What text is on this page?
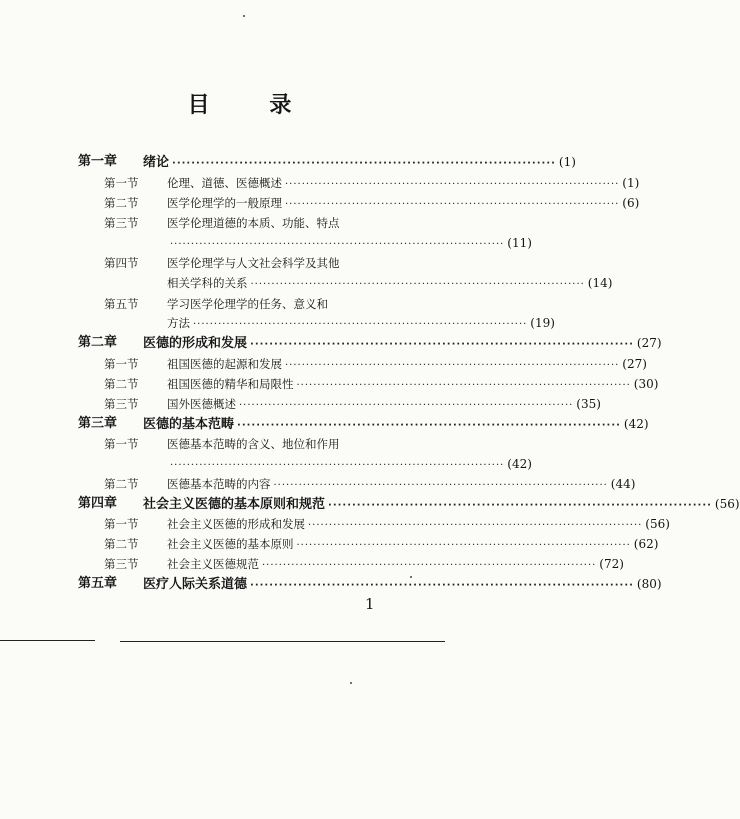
目 录
第一章 绪论 ················································································ (1)
第一节 伦理、道德、医德概述 ················································································ (1)
第二节 医学伦理学的一般原理 ················································································ (6)
第三节 医学伦理道德的本质、功能、特点
················································································ (11)
第四节 医学伦理学与人文社会科学及其他
相关学科的关系 ················································································ (14)
第五节 学习医学伦理学的任务、意义和
方法 ················································································ (19)
第二章 医德的形成和发展 ················································································ (27)
第一节 祖国医德的起源和发展 ················································································ (27)
第二节 祖国医德的精华和局限性 ················································································ (30)
第三节 国外医德概述 ················································································ (35)
第三章 医德的基本范畴 ················································································ (42)
第一节 医德基本范畴的含义、地位和作用
················································································ (42)
第二节 医德基本范畴的内容 ················································································ (44)
第四章 社会主义医德的基本原则和规范 ················································································ (56)
第一节 社会主义医德的形成和发展 ················································································ (56)
第二节 社会主义医德的基本原则 ················································································ (62)
第三节 社会主义医德规范 ················································································ (72)
第五章 医疗人际关系道德 ················································································ (80)
1
